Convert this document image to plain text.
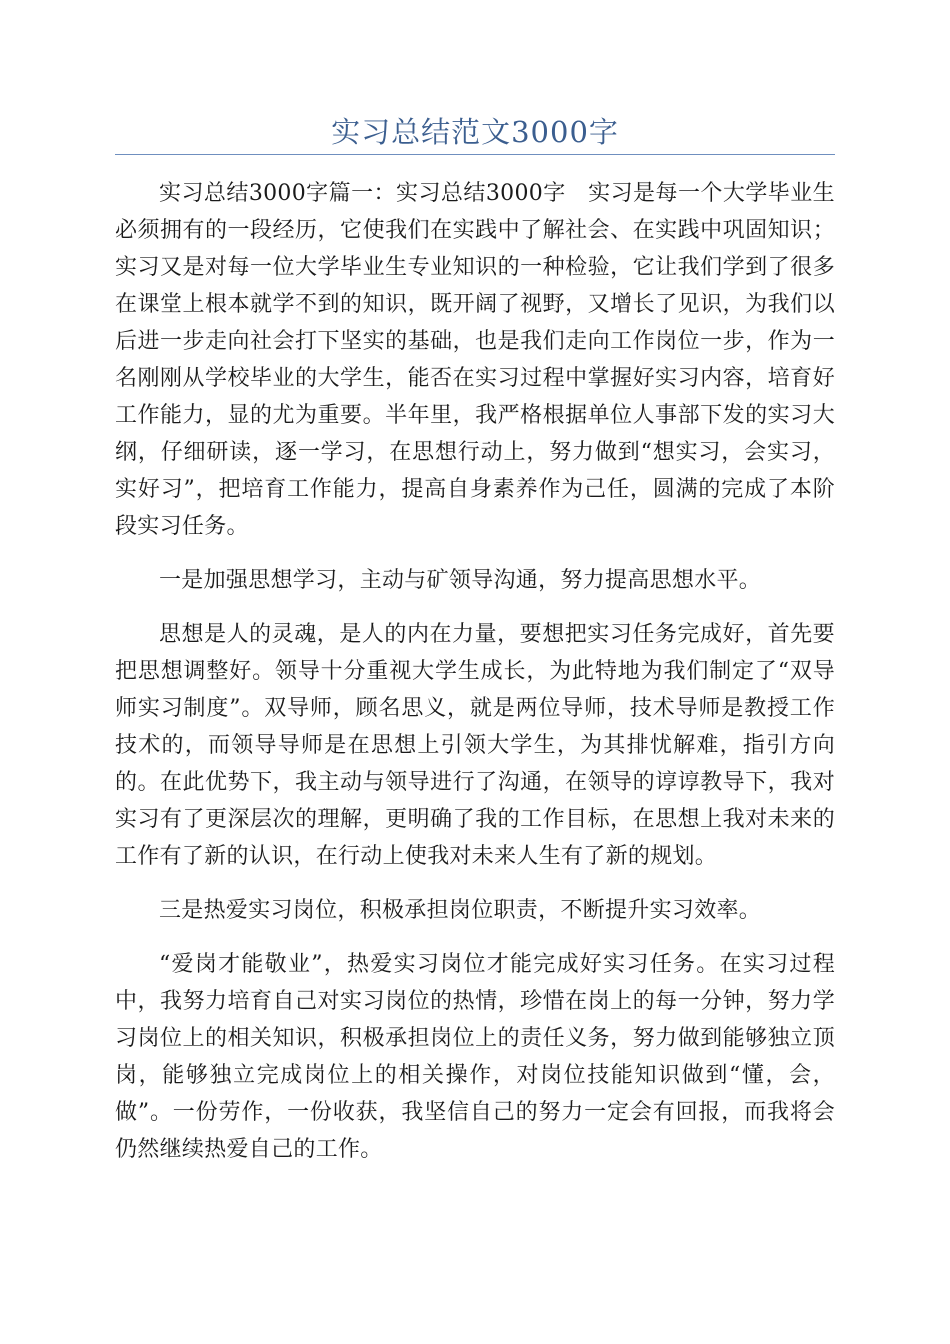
实习总结范文3000字

实习总结3000字篇一：实习总结3000字　实习是每一个大学毕业生必须拥有的一段经历，它使我们在实践中了解社会、在实践中巩固知识；实习又是对每一位大学毕业生专业知识的一种检验，它让我们学到了很多在课堂上根本就学不到的知识，既开阔了视野，又增长了见识，为我们以后进一步走向社会打下坚实的基础，也是我们走向工作岗位一步，作为一名刚刚从学校毕业的大学生，能否在实习过程中掌握好实习内容，培育好工作能力，显的尤为重要。半年里，我严格根据单位人事部下发的实习大纲，仔细研读，逐一学习，在思想行动上，努力做到“想实习，会实习，实好习”，把培育工作能力，提高自身素养作为己任，圆满的完成了本阶段实习任务。

一是加强思想学习，主动与矿领导沟通，努力提高思想水平。

思想是人的灵魂，是人的内在力量，要想把实习任务完成好，首先要把思想调整好。领导十分重视大学生成长，为此特地为我们制定了“双导师实习制度”。双导师，顾名思义，就是两位导师，技术导师是教授工作技术的，而领导导师是在思想上引领大学生，为其排忧解难，指引方向的。在此优势下，我主动与领导进行了沟通，在领导的谆谆教导下，我对实习有了更深层次的理解，更明确了我的工作目标，在思想上我对未来的工作有了新的认识，在行动上使我对未来人生有了新的规划。

三是热爱实习岗位，积极承担岗位职责，不断提升实习效率。

“爱岗才能敬业”，热爱实习岗位才能完成好实习任务。在实习过程中，我努力培育自己对实习岗位的热情，珍惜在岗上的每一分钟，努力学习岗位上的相关知识，积极承担岗位上的责任义务，努力做到能够独立顶岗，能够独立完成岗位上的相关操作，对岗位技能知识做到“懂，会，做”。一份劳作，一份收获，我坚信自己的努力一定会有回报，而我将会仍然继续热爱自己的工作。
